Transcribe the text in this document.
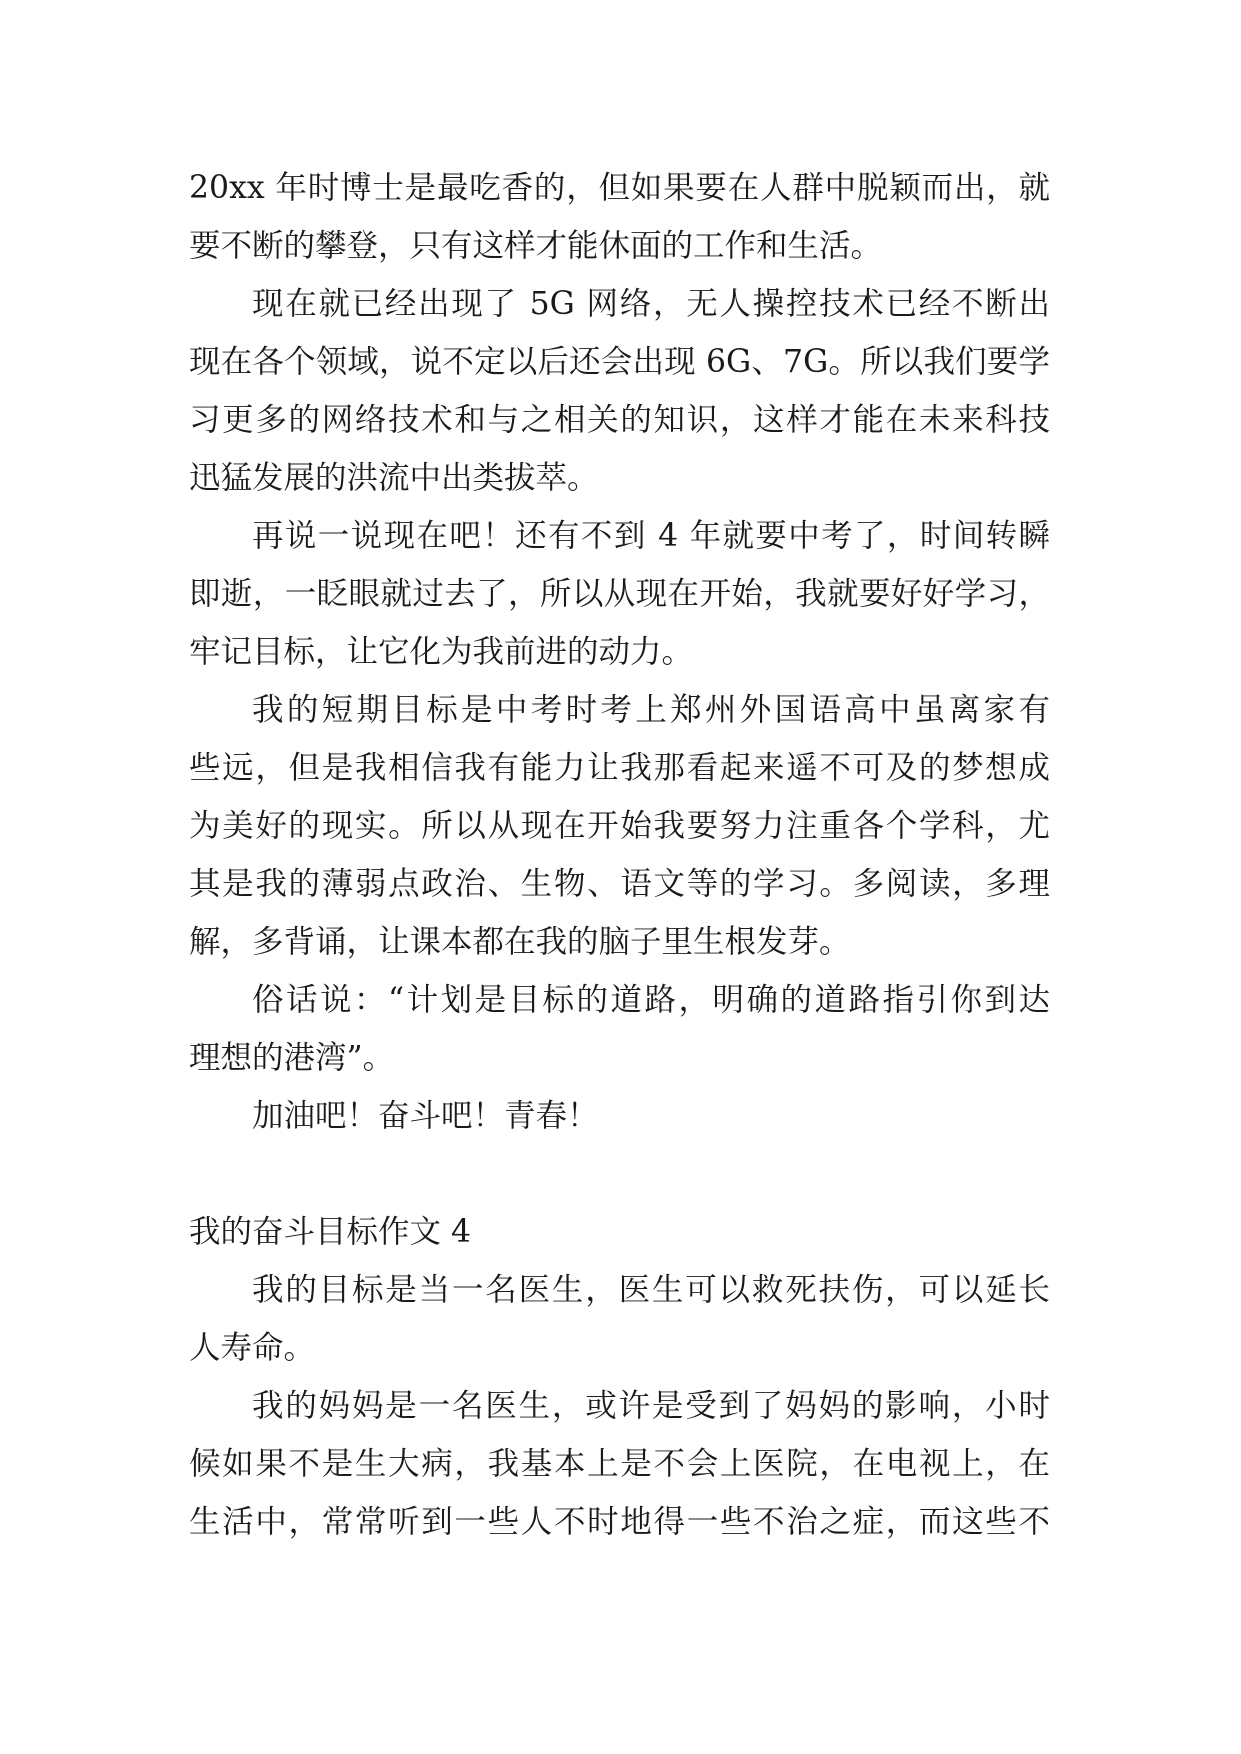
20xx 年时博士是最吃香的，但如果要在人群中脱颖而出，就
要不断的攀登，只有这样才能休面的工作和生活。
现在就已经出现了 5G 网络，无人操控技术已经不断出
现在各个领域，说不定以后还会出现 6G、7G。所以我们要学
习更多的网络技术和与之相关的知识，这样才能在未来科技
迅猛发展的洪流中出类拔萃。
再说一说现在吧！还有不到 4 年就要中考了，时间转瞬
即逝，一眨眼就过去了，所以从现在开始，我就要好好学习，
牢记目标，让它化为我前进的动力。
我的短期目标是中考时考上郑州外国语高中虽离家有
些远，但是我相信我有能力让我那看起来遥不可及的梦想成
为美好的现实。所以从现在开始我要努力注重各个学科，尤
其是我的薄弱点政治、生物、语文等的学习。多阅读，多理
解，多背诵，让课本都在我的脑子里生根发芽。
俗话说：“计划是目标的道路，明确的道路指引你到达
理想的港湾”。
加油吧！奋斗吧！青春！
我的奋斗目标作文 4
我的目标是当一名医生，医生可以救死扶伤，可以延长
人寿命。
我的妈妈是一名医生，或许是受到了妈妈的影响，小时
候如果不是生大病，我基本上是不会上医院，在电视上，在
生活中，常常听到一些人不时地得一些不治之症，而这些不
